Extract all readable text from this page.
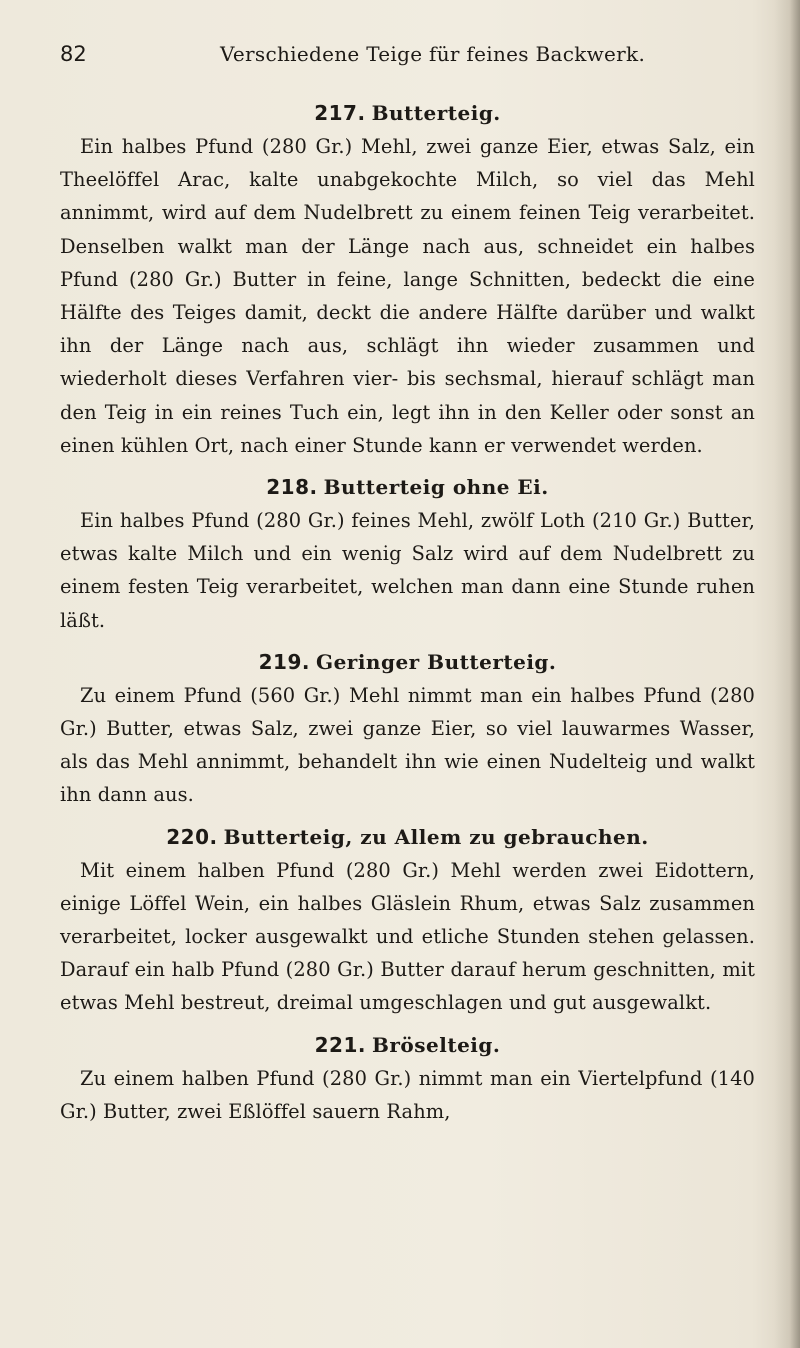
82	Verschiedene Teige für feines Backwerk.
217. Butterteig.

Ein halbes Pfund (280 Gr.) Mehl, zwei ganze Eier, etwas Salz, ein Theelöffel Arac, kalte unabgekochte Milch, so viel das Mehl annimmt, wird auf dem Nudelbrett zu einem feinen Teig verarbeitet. Denselben walkt man der Länge nach aus, schneidet ein halbes Pfund (280 Gr.) Butter in feine, lange Schnitten, bedeckt die eine Hälfte des Teiges damit, deckt die andere Hälfte darüber und walkt ihn der Länge nach aus, schlägt ihn wieder zusammen und wiederholt dieses Verfahren vier- bis sechsmal, hierauf schlägt man den Teig in ein reines Tuch ein, legt ihn in den Keller oder sonst an einen kühlen Ort, nach einer Stunde kann er verwendet werden.

218. Butterteig ohne Ei.

Ein halbes Pfund (280 Gr.) feines Mehl, zwölf Loth (210 Gr.) Butter, etwas kalte Milch und ein wenig Salz wird auf dem Nudelbrett zu einem festen Teig verarbeitet, welchen man dann eine Stunde ruhen läßt.

219. Geringer Butterteig.

Zu einem Pfund (560 Gr.) Mehl nimmt man ein halbes Pfund (280 Gr.) Butter, etwas Salz, zwei ganze Eier, so viel lauwarmes Wasser, als das Mehl annimmt, behandelt ihn wie einen Nudelteig und walkt ihn dann aus.

220. Butterteig, zu Allem zu gebrauchen.

Mit einem halben Pfund (280 Gr.) Mehl werden zwei Eidottern, einige Löffel Wein, ein halbes Gläslein Rhum, etwas Salz zusammen verarbeitet, locker ausgewalkt und etliche Stunden stehen gelassen. Darauf ein halb Pfund (280 Gr.) Butter darauf herum geschnitten, mit etwas Mehl bestreut, dreimal umgeschlagen und gut ausgewalkt.

221. Bröselteig.

Zu einem halben Pfund (280 Gr.) nimmt man ein Viertelpfund (140 Gr.) Butter, zwei Eßlöffel sauern Rahm,
